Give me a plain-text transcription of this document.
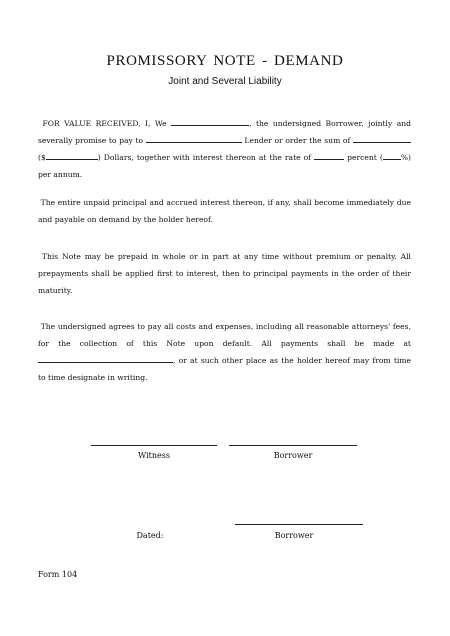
PROMISSORY NOTE - DEMAND
Joint and Several Liability
FOR VALUE RECEIVED, I, We	, the undersigned Borrower, jointly and severally promise to pay to	Lender or order the sum of  ($	) Dollars, together with interest thereon at the rate of	percent ( %) per annum.
The entire unpaid principal and accrued interest thereon, if any, shall become immediately due and payable on demand by the holder hereof.
This Note may be prepaid in whole or in part at any time without premium or penalty. All prepayments shall be applied first to interest, then to principal payments in the order of their maturity.
The undersigned agrees to pay all costs and expenses, including all reasonable attorneys' fees, for the collection of this Note upon default. All payments shall be made at , or at such other place as the holder hereof may from time to time designate in writing.
Witness	Borrower
Dated:	Borrower
Form 104
